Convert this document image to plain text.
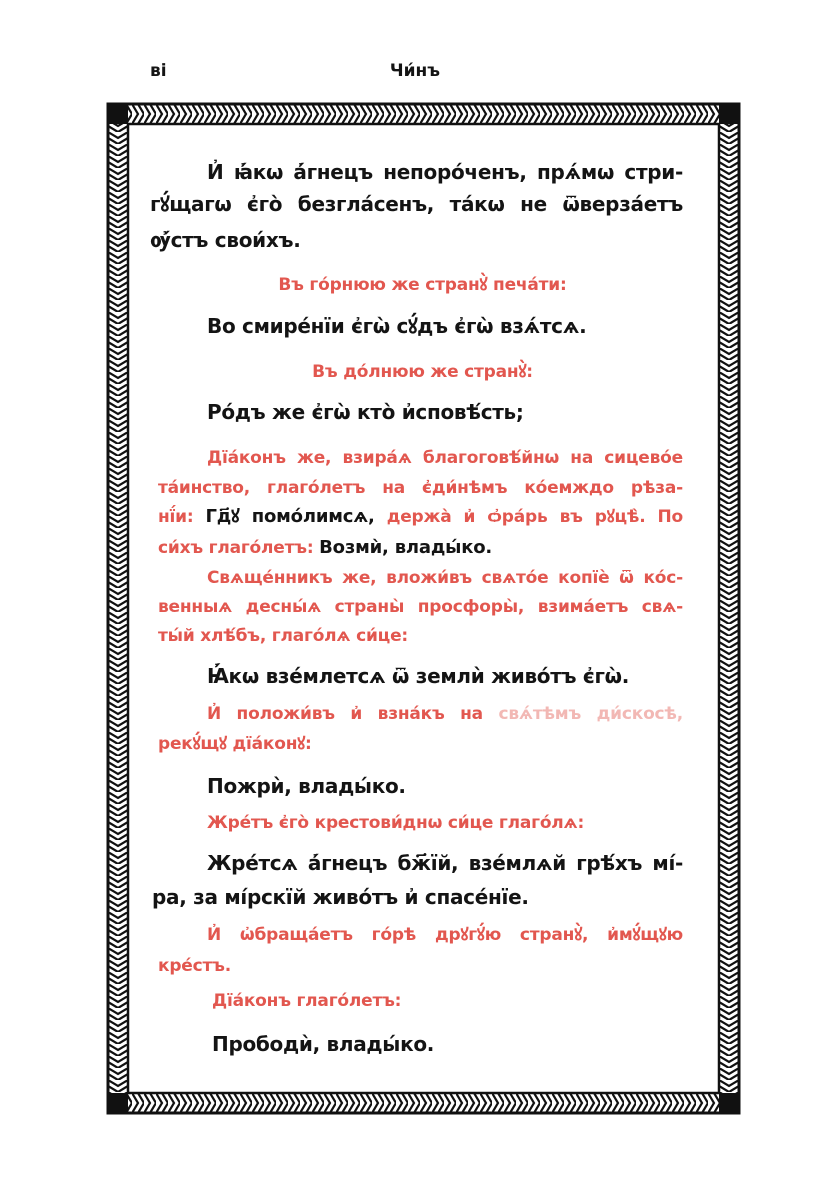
ві	Чи́нъ
И҆ ꙗ҆́кѡ а҆́гнецъ непоро́ченъ, прѧ́мѡ стри-
гꙋ́щагѡ є҆го̀ безгла́сенъ, та́кѡ не ѿверза́етъ
ѹ҆́стъ свои́хъ.
Въ го́рнюю же странꙋ̀ печа́ти:
Во смире́нїи є҆гѡ̀ сꙋ́дъ є҆гѡ̀ взѧ́тсѧ.
Въ до́лнюю же странꙋ̀:
Ро́дъ же є҆гѡ̀ кто̀ и҆сповѣ́сть;
Дїа́конъ же, взира́ѧ благоговѣ́йнѡ на сицево́е
та́инство, глаго́летъ на є҆ди́нѣмъ ко́емждо рѣза-
нї́и: Гд҃ꙋ помо́лимсѧ, держа̀ и҆ ѻ҆ра́рь въ рꙋцѣ̀. По
си́хъ глаго́летъ: Возмѝ, влады́ко.
Свѧще́нникъ же, вложи́въ свѧто́е копїѐ ѿ ко́с-
венныѧ десны́ѧ страны̀ просфоры̀, взима́етъ свѧ-
ты́й хлѣ́бъ, глаго́лѧ си́це:
Ꙗ҆́кѡ взе́млетсѧ ѿ землѝ живо́тъ є҆гѡ̀.
И҆ положи́въ и҆ взна́къ на свѧ́тѣмъ ди́скосѣ,
рекꙋ́щꙋ дїа́конꙋ:
Пожрѝ, влады́ко.
Жре́тъ є҆го̀ крестови́днѡ си́це глаго́лѧ:
Жре́тсѧ а҆́гнецъ бж҃їй, взе́млѧй грѣ́хъ мі́-
ра, за мі́рскїй живо́тъ и҆ спасе́нїе.
И҆ ѡ҆браща́етъ го́рѣ дрꙋгꙋ́ю странꙋ̀, и҆мꙋ́щꙋю
кре́стъ.
Дїа́конъ глаго́летъ:
Прободѝ, влады́ко.
